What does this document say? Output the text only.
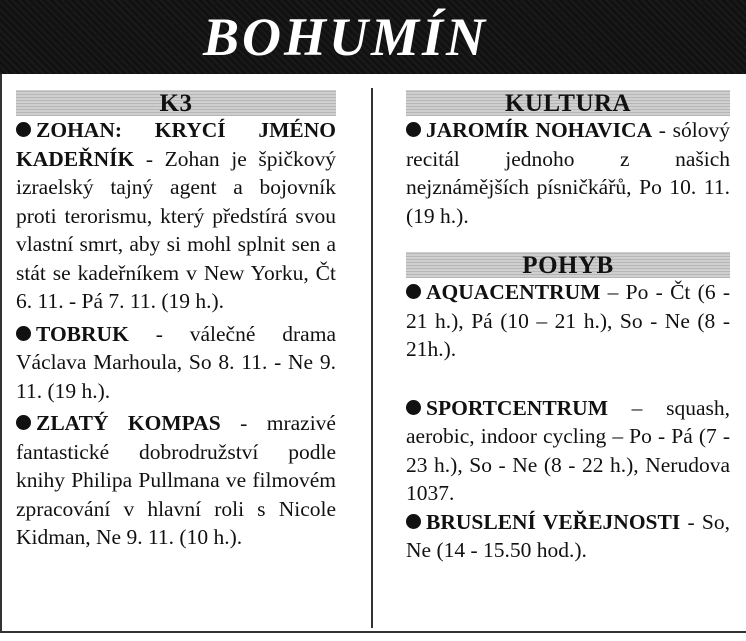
BOHUMÍN
K3
ZOHAN: KRYCÍ JMÉNO KADEŘNÍK - Zohan je špičkový izraelský tajný agent a bojovník proti terorismu, který předstírá svou vlastní smrt, aby si mohl splnit sen a stát se kadeřníkem v New Yorku, Čt 6. 11. - Pá 7. 11. (19 h.).
TOBRUK - válečné drama Václava Marhoula, So 8. 11. - Ne 9. 11. (19 h.).
ZLATÝ KOMPAS - mrazivé fantastické dobrodružství podle knihy Philipa Pullmana ve filmovém zpracování v hlavní roli s Nicole Kidman, Ne 9. 11. (10 h.).
KULTURA
JAROMÍR NOHAVICA - sólový recitál jednoho z našich nejznámějších písničkářů, Po 10. 11. (19 h.).
POHYB
AQUACENTRUM – Po - Čt (6 - 21 h.), Pá (10 – 21 h.), So - Ne (8 - 21h.).
SPORTCENTRUM – squash, aerobic, indoor cycling – Po - Pá (7 - 23 h.), So - Ne (8 - 22 h.), Nerudova 1037.
BRUSLENÍ VEŘEJNOSTI - So, Ne (14 - 15.50 hod.).
